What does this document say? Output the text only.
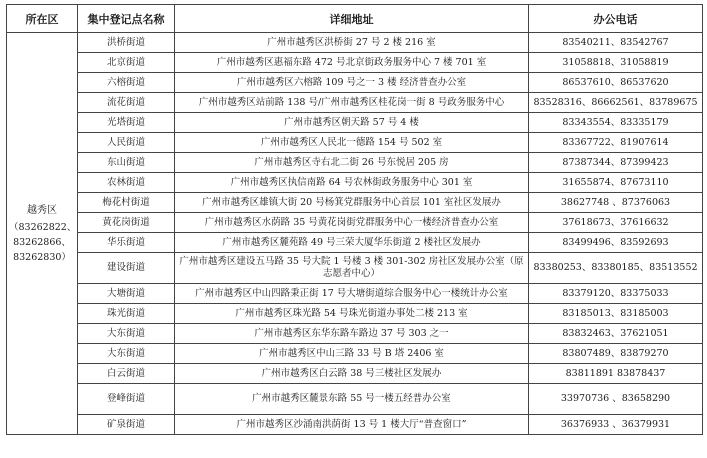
所在区	集中登记点名称	详细地址	办公电话

越秀区
（83262822、
83262866、
83262830）	洪桥街道	广州市越秀区洪桥街 27 号 2 楼 216 室	83540211、83542767
	北京街道	广州市越秀区惠福东路 472 号北京街政务服务中心 7 楼 701 室	31058818、31058819
	六榕街道	广州市越秀区六榕路 109 号之一 3 楼 经济普查办公室	86537610、86537620
	流花街道	广州市越秀区站前路 138 号/广州市越秀区桂花岗一街 8 号政务服务中心	83528316、86662561、83789675
	光塔街道	广州市越秀区朝天路 57 号 4 楼	83343554、83335179
	人民街道	广州市越秀区人民北一德路 154 号 502 室	83367722、81907614
	东山街道	广州市越秀区寺右北二街 26 号东悦居 205 房	87387344、87399423
	农林街道	广州市越秀区执信南路 64 号农林街政务服务中心 301 室	31655874、87673110
	梅花村街道	广州市越秀区雄镇大街 20 号杨箕党群服务中心首层 101 室社区发展办	38627748 、87376063
	黄花岗街道	广州市越秀区水荫路 35 号黄花岗街党群服务中心一楼经济普查办公室	37618673、37616632
	华乐街道	广州市越秀区麓苑路 49 号三荣大厦华乐街道 2 楼社区发展办	83499496、83592693
	建设街道	广州市越秀区建设五马路 35 号大院 1 号楼 3 楼 301-302 房社区发展办公室（原志愿者中心）	83380253、83380185、83513552
	大塘街道	广州市越秀区中山四路秉正街 17 号大塘街道综合服务中心一楼统计办公室	83379120、83375033
	珠光街道	广州市越秀区珠光路 54 号珠光街道办事处二楼 213 室	83185013、83185003
	大东街道	广州市越秀区东华东路车路边 37 号 303 之一	83832463、37621051
	大东街道	广州市越秀区中山三路 33 号 B 塔 2406 室	83807489、83879270
	白云街道	广州市越秀区白云路 38 号三楼社区发展办	83811891 83878437
	登峰街道	广州市越秀区麓景东路 55 号一楼五经普办公室	33970736 、83658290
	矿泉街道	广州市越秀区沙涌南洪荫街 13 号 1 楼大厅“普查窗口”	36376933 、36379931
